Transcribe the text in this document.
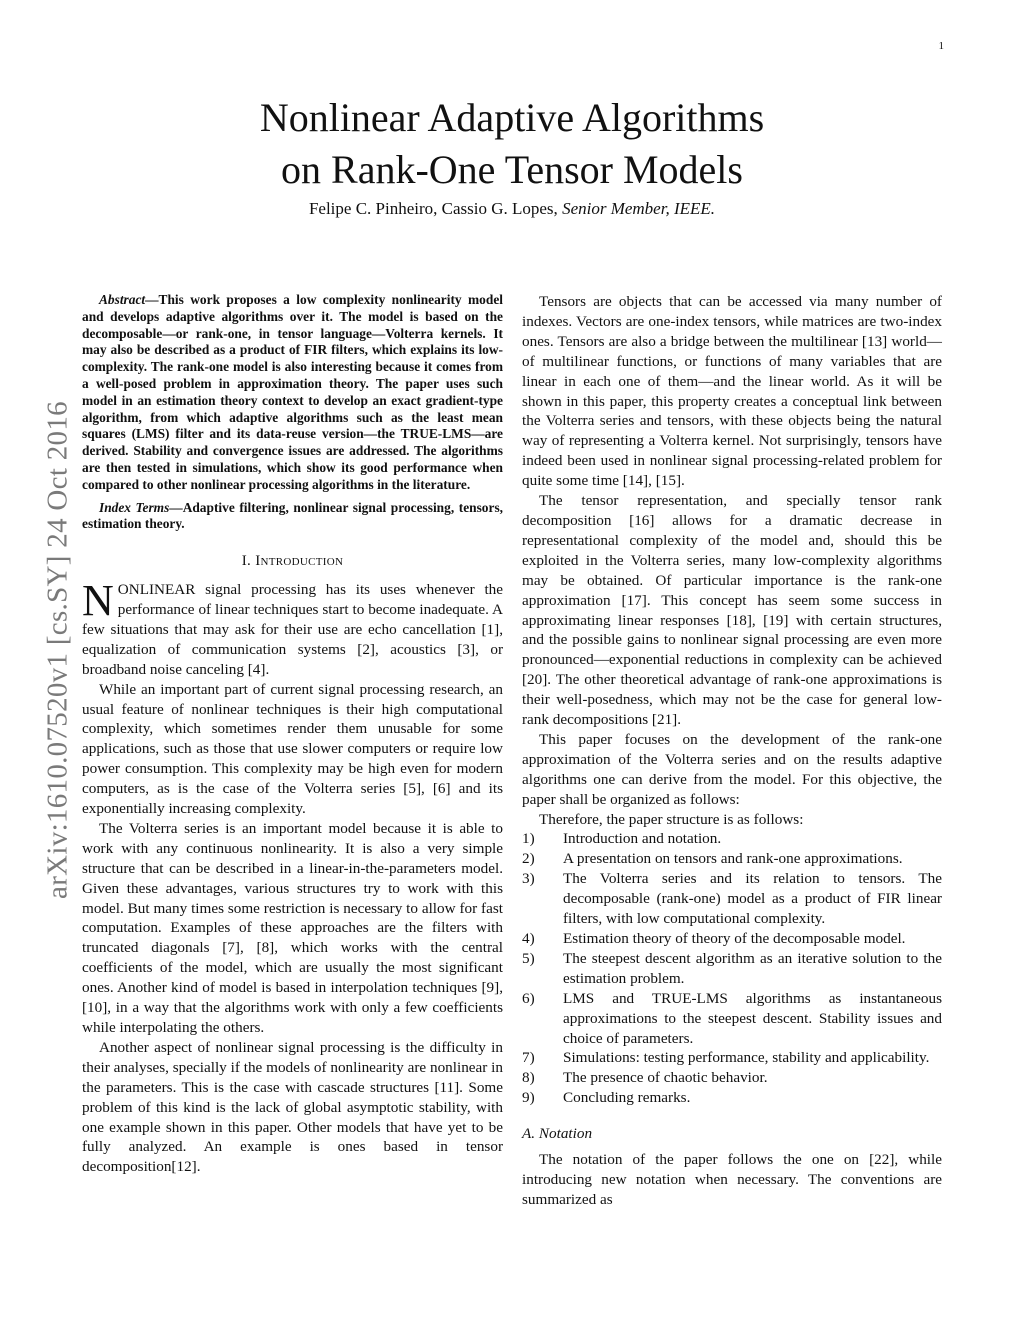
1
arXiv:1610.07520v1 [cs.SY] 24 Oct 2016
Nonlinear Adaptive Algorithms
on Rank-One Tensor Models
Felipe C. Pinheiro, Cassio G. Lopes, Senior Member, IEEE.

Abstract—This work proposes a low complexity nonlinearity model and develops adaptive algorithms over it. The model is based on the decomposable—or rank-one, in tensor language—Volterra kernels. It may also be described as a product of FIR filters, which explains its low-complexity. The rank-one model is also interesting because it comes from a well-posed problem in approximation theory. The paper uses such model in an estimation theory context to develop an exact gradient-type algorithm, from which adaptive algorithms such as the least mean squares (LMS) filter and its data-reuse version—the TRUE-LMS—are derived. Stability and convergence issues are addressed. The algorithms are then tested in simulations, which show its good performance when compared to other nonlinear processing algorithms in the literature.

Index Terms—Adaptive filtering, nonlinear signal processing, tensors, estimation theory.

I. Introduction

NONLINEAR signal processing has its uses whenever the performance of linear techniques start to become inadequate. A few situations that may ask for their use are echo cancellation [1], equalization of communication systems [2], acoustics [3], or broadband noise canceling [4].

While an important part of current signal processing research, an usual feature of nonlinear techniques is their high computational complexity, which sometimes render them unusable for some applications, such as those that use slower computers or require low power consumption. This complexity may be high even for modern computers, as is the case of the Volterra series [5], [6] and its exponentially increasing complexity.

The Volterra series is an important model because it is able to work with any continuous nonlinearity. It is also a very simple structure that can be described in a linear-in-the-parameters model. Given these advantages, various structures try to work with this model. But many times some restriction is necessary to allow for fast computation. Examples of these approaches are the filters with truncated diagonals [7], [8], which works with the central coefficients of the model, which are usually the most significant ones. Another kind of model is based in interpolation techniques [9], [10], in a way that the algorithms work with only a few coefficients while interpolating the others.

Another aspect of nonlinear signal processing is the difficulty in their analyses, specially if the models of nonlinearity are nonlinear in the parameters. This is the case with cascade structures [11]. Some problem of this kind is the lack of global asymptotic stability, with one example shown in this paper. Other models that have yet to be fully analyzed. An example is ones based in tensor decomposition[12].

Tensors are objects that can be accessed via many number of indexes. Vectors are one-index tensors, while matrices are two-index ones. Tensors are also a bridge between the multilinear [13] world—of multilinear functions, or functions of many variables that are linear in each one of them—and the linear world. As it will be shown in this paper, this property creates a conceptual link between the Volterra series and tensors, with these objects being the natural way of representing a Volterra kernel. Not surprisingly, tensors have indeed been used in nonlinear signal processing-related problem for quite some time [14], [15].

The tensor representation, and specially tensor rank decomposition [16] allows for a dramatic decrease in representational complexity of the model and, should this be exploited in the Volterra series, many low-complexity algorithms may be obtained. Of particular importance is the rank-one approximation [17]. This concept has seem some success in approximating linear responses [18], [19] with certain structures, and the possible gains to nonlinear signal processing are even more pronounced—exponential reductions in complexity can be achieved [20]. The other theoretical advantage of rank-one approximations is their well-posedness, which may not be the case for general low-rank decompositions [21].

This paper focuses on the development of the rank-one approximation of the Volterra series and on the results adaptive algorithms one can derive from the model. For this objective, the paper shall be organized as follows:

Therefore, the paper structure is as follows:

1)	Introduction and notation.
2)	A presentation on tensors and rank-one approximations.
3)	The Volterra series and its relation to tensors. The decomposable (rank-one) model as a product of FIR linear filters, with low computational complexity.
4)	Estimation theory of theory of the decomposable model.
5)	The steepest descent algorithm as an iterative solution to the estimation problem.
6)	LMS and TRUE-LMS algorithms as instantaneous approximations to the steepest descent. Stability issues and choice of parameters.
7)	Simulations: testing performance, stability and applicability.
8)	The presence of chaotic behavior.
9)	Concluding remarks.
A. Notation

The notation of the paper follows the one on [22], while introducing new notation when necessary. The conventions are summarized as
